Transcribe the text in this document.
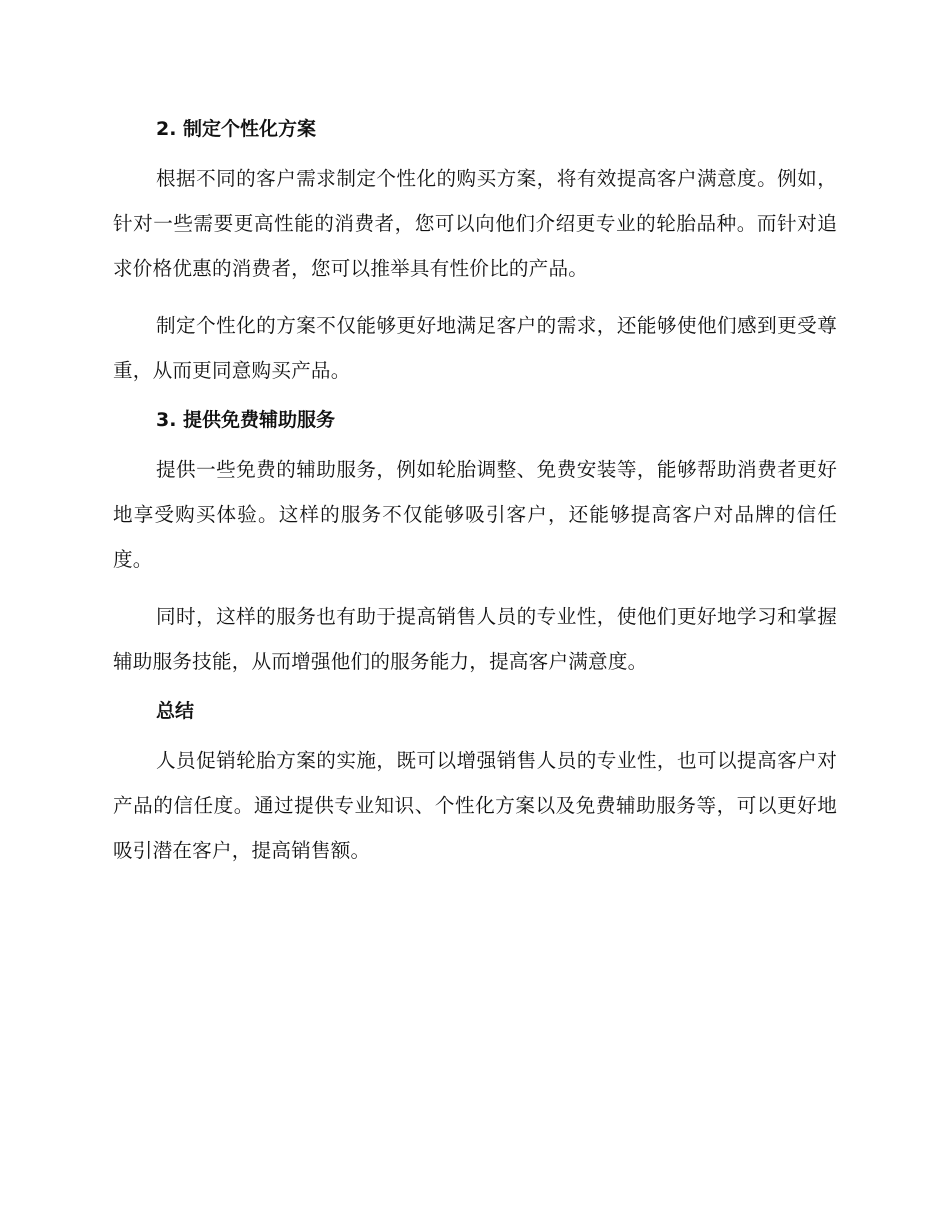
2. 制定个性化方案

根据不同的客户需求制定个性化的购买方案，将有效提高客户满意度。例如，针对一些需要更高性能的消费者，您可以向他们介绍更专业的轮胎品种。而针对追求价格优惠的消费者，您可以推举具有性价比的产品。

制定个性化的方案不仅能够更好地满足客户的需求，还能够使他们感到更受尊重，从而更同意购买产品。

3. 提供免费辅助服务

提供一些免费的辅助服务，例如轮胎调整、免费安装等，能够帮助消费者更好地享受购买体验。这样的服务不仅能够吸引客户，还能够提高客户对品牌的信任度。

同时，这样的服务也有助于提高销售人员的专业性，使他们更好地学习和掌握辅助服务技能，从而增强他们的服务能力，提高客户满意度。

总结

人员促销轮胎方案的实施，既可以增强销售人员的专业性，也可以提高客户对产品的信任度。通过提供专业知识、个性化方案以及免费辅助服务等，可以更好地吸引潜在客户，提高销售额。
